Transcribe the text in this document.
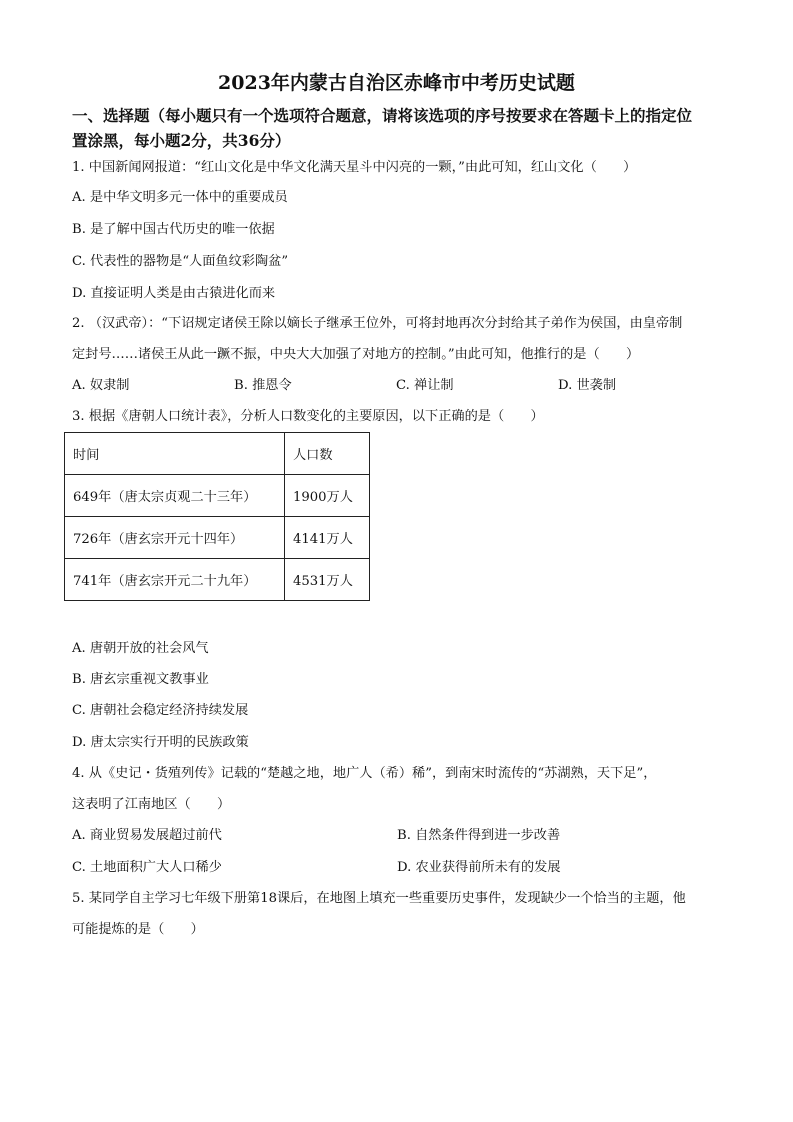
2023年内蒙古自治区赤峰市中考历史试题
一、选择题（每小题只有一个选项符合题意，请将该选项的序号按要求在答题卡上的指定位
置涂黑，每小题2分，共36分）
1. 中国新闻网报道：“红山文化是中华文化满天星斗中闪亮的一颗，”由此可知，红山文化（　　）
A. 是中华文明多元一体中的重要成员
B. 是了解中国古代历史的唯一依据
C. 代表性的器物是“人面鱼纹彩陶盆”
D. 直接证明人类是由古猿进化而来
2. （汉武帝）：“下诏规定诸侯王除以嫡长子继承王位外，可将封地再次分封给其子弟作为侯国，由皇帝制
定封号……诸侯王从此一蹶不振，中央大大加强了对地方的控制。”由此可知，他推行的是（　　）
A. 奴隶制	B. 推恩令	C. 禅让制	D. 世袭制
3. 根据《唐朝人口统计表》，分析人口数变化的主要原因，以下正确的是（　　）
时间	人口数
649年（唐太宗贞观二十三年）	1900万人
726年（唐玄宗开元十四年）	4141万人
741年（唐玄宗开元二十九年）	4531万人
A. 唐朝开放的社会风气
B. 唐玄宗重视文教事业
C. 唐朝社会稳定经济持续发展
D. 唐太宗实行开明的民族政策
4. 从《史记・货殖列传》记载的“楚越之地，地广人（希）稀”，到南宋时流传的“苏湖熟，天下足”，
这表明了江南地区（　　）
A. 商业贸易发展超过前代	B. 自然条件得到进一步改善
C. 土地面积广大人口稀少	D. 农业获得前所未有的发展
5. 某同学自主学习七年级下册第18课后，在地图上填充一些重要历史事件，发现缺少一个恰当的主题，他
可能提炼的是（　　）
